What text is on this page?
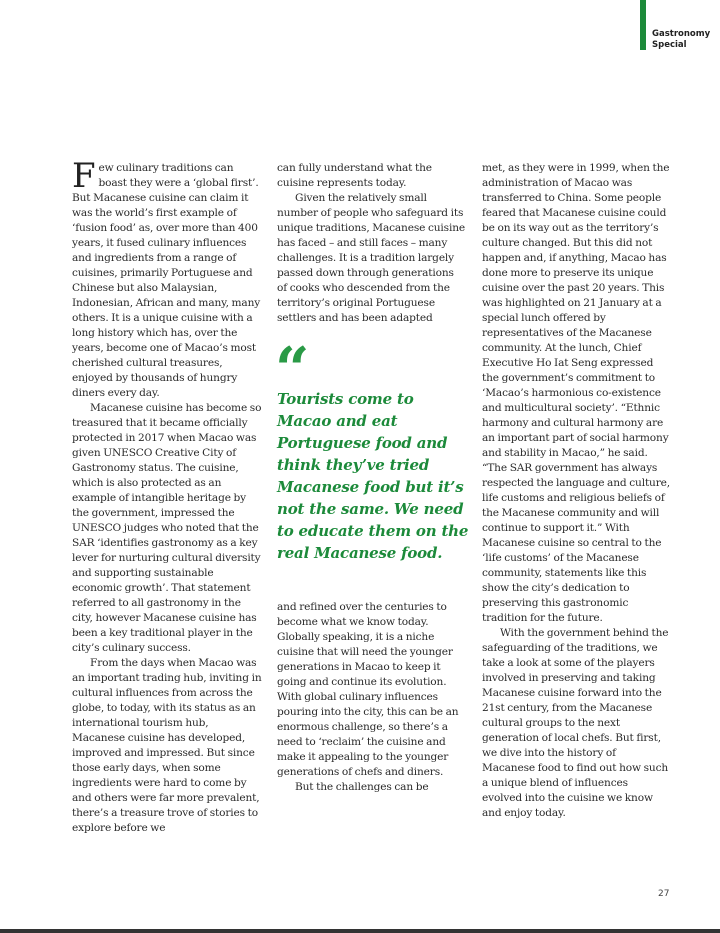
Gastronomy
Special

Few culinary traditions can boast they were a ‘global first’. But Macanese cuisine can claim it was the world’s first example of ‘fusion food’ as, over more than 400 years, it fused culinary influences and ingredients from a range of cuisines, primarily Portuguese and Chinese but also Malaysian, Indonesian, African and many, many others. It is a unique cuisine with a long history which has, over the years, become one of Macao’s most cherished cultural treasures, enjoyed by thousands of hungry diners every day.

Macanese cuisine has become so treasured that it became officially protected in 2017 when Macao was given UNESCO Creative City of Gastronomy status. The cuisine, which is also protected as an example of intangible heritage by the government, impressed the UNESCO judges who noted that the SAR ‘identifies gastronomy as a key lever for nurturing cultural diversity and supporting sustainable economic growth’. That statement referred to all gastronomy in the city, however Macanese cuisine has been a key traditional player in the city’s culinary success.

From the days when Macao was an important trading hub, inviting in cultural influences from across the globe, to today, with its status as an international tourism hub, Macanese cuisine has developed, improved and impressed. But since those early days, when some ingredients were hard to come by and others were far more prevalent, there’s a treasure trove of stories to explore before we

can fully understand what the cuisine represents today.

Given the relatively small number of people who safeguard its unique traditions, Macanese cuisine has faced – and still faces – many challenges. It is a tradition largely passed down through generations of cooks who descended from the territory’s original Portuguese settlers and has been adapted

“
Tourists come to Macao and eat Portuguese food and think they’ve tried Macanese food but it’s not the same. We need to educate them on the real Macanese food.

and refined over the centuries to become what we know today. Globally speaking, it is a niche cuisine that will need the younger generations in Macao to keep it going and continue its evolution. With global culinary influences pouring into the city, this can be an enormous challenge, so there’s a need to ‘reclaim’ the cuisine and make it appealing to the younger generations of chefs and diners.

But the challenges can be

met, as they were in 1999, when the administration of Macao was transferred to China. Some people feared that Macanese cuisine could be on its way out as the territory’s culture changed. But this did not happen and, if anything, Macao has done more to preserve its unique cuisine over the past 20 years. This was highlighted on 21 January at a special lunch offered by representatives of the Macanese community. At the lunch, Chief Executive Ho Iat Seng expressed the government’s commitment to ‘Macao’s harmonious co-existence and multicultural society’. “Ethnic harmony and cultural harmony are an important part of social harmony and stability in Macao,” he said. “The SAR government has always respected the language and culture, life customs and religious beliefs of the Macanese community and will continue to support it.” With Macanese cuisine so central to the ‘life customs’ of the Macanese community, statements like this show the city’s dedication to preserving this gastronomic tradition for the future.

With the government behind the safeguarding of the traditions, we take a look at some of the players involved in preserving and taking Macanese cuisine forward into the 21st century, from the Macanese cultural groups to the next generation of local chefs. But first, we dive into the history of Macanese food to find out how such a unique blend of influences evolved into the cuisine we know and enjoy today.

27
